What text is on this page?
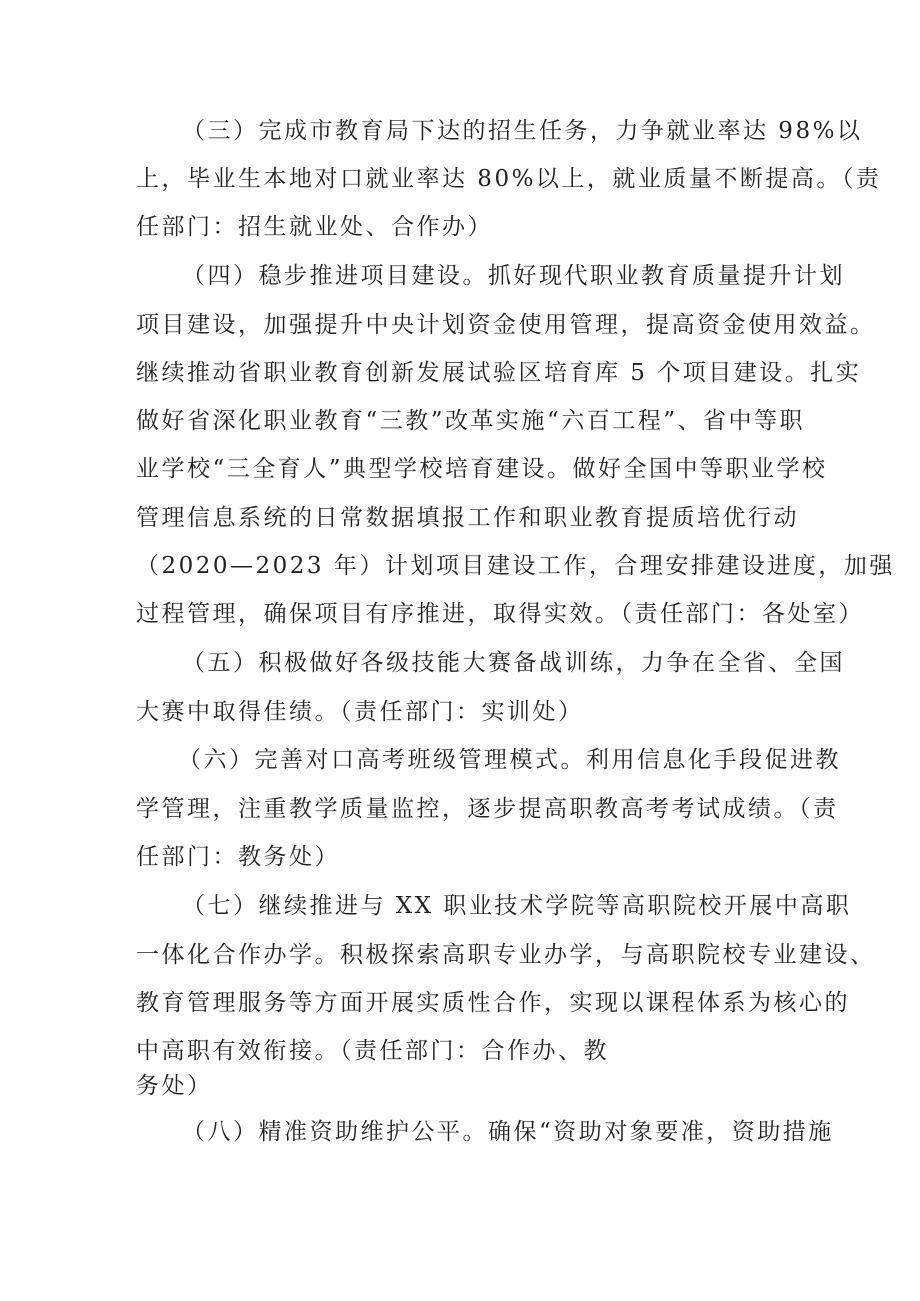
（三）完成市教育局下达的招生任务，力争就业率达 98%以
上，毕业生本地对口就业率达 80%以上，就业质量不断提高。（责
任部门：招生就业处、合作办）
（四）稳步推进项目建设。抓好现代职业教育质量提升计划
项目建设，加强提升中央计划资金使用管理，提高资金使用效益。
继续推动省职业教育创新发展试验区培育库 5 个项目建设。扎实
做好省深化职业教育“三教”改革实施“六百工程”、省中等职
业学校“三全育人”典型学校培育建设。做好全国中等职业学校
管理信息系统的日常数据填报工作和职业教育提质培优行动
（2020—2023 年）计划项目建设工作，合理安排建设进度，加强
过程管理，确保项目有序推进，取得实效。（责任部门：各处室）
（五）积极做好各级技能大赛备战训练，力争在全省、全国
大赛中取得佳绩。（责任部门：实训处）
（六）完善对口高考班级管理模式。利用信息化手段促进教
学管理，注重教学质量监控，逐步提高职教高考考试成绩。（责
任部门：教务处）
（七）继续推进与 XX 职业技术学院等高职院校开展中高职
一体化合作办学。积极探索高职专业办学，与高职院校专业建设、
教育管理服务等方面开展实质性合作，实现以课程体系为核心的
中高职有效衔接。（责任部门：合作办、教
务处）
（八）精准资助维护公平。确保“资助对象要准，资助措施
